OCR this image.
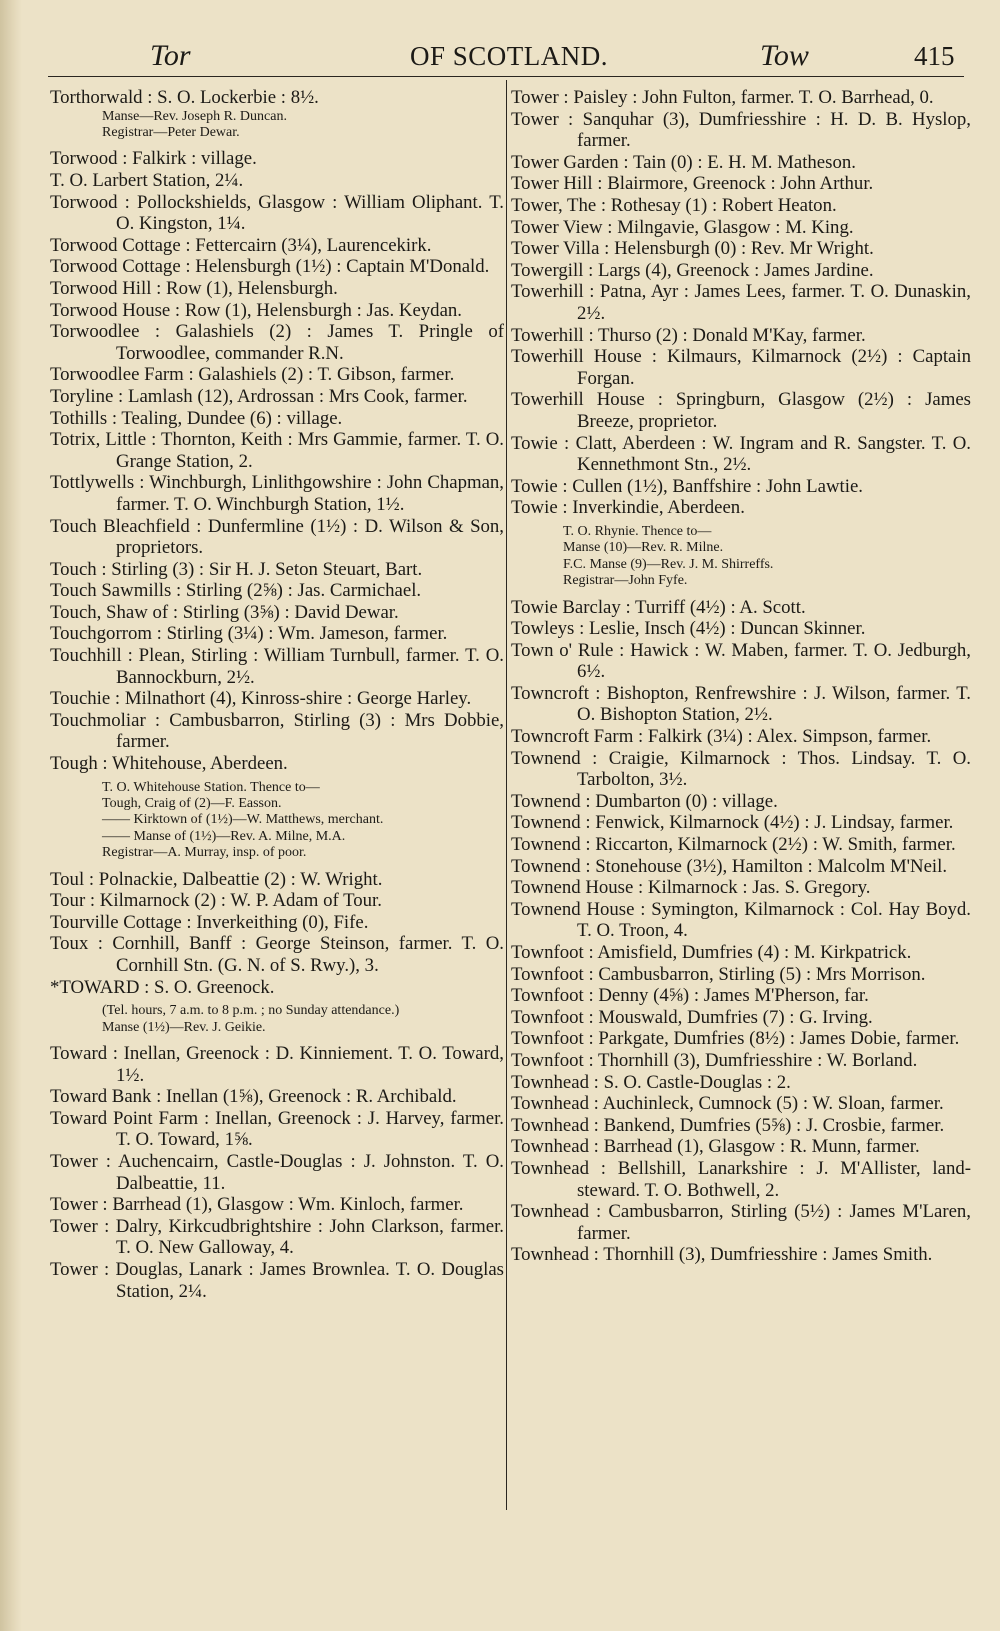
Tor	OF SCOTLAND.	Tow	415
Torthorwald : S. O. Lockerbie : 8½.
Manse—Rev. Joseph R. Duncan.
Registrar—Peter Dewar.
Torwood : Falkirk : village.
T. O. Larbert Station, 2¼.
Torwood : Pollockshields, Glasgow : William Oliphant. T. O. Kingston, 1¼.
Torwood Cottage : Fettercairn (3¼), Laurencekirk.
Torwood Cottage : Helensburgh (1½) : Captain M'Donald.
Torwood Hill : Row (1), Helensburgh.
Torwood House : Row (1), Helensburgh : Jas. Keydan.
Torwoodlee : Galashiels (2) : James T. Pringle of Torwoodlee, commander R.N.
Torwoodlee Farm : Galashiels (2) : T. Gibson, farmer.
Toryline : Lamlash (12), Ardrossan : Mrs Cook, farmer.
Tothills : Tealing, Dundee (6) : village.
Totrix, Little : Thornton, Keith : Mrs Gammie, farmer. T. O. Grange Station, 2.
Tottlywells : Winchburgh, Linlithgowshire : John Chapman, farmer. T. O. Winchburgh Station, 1½.
Touch Bleachfield : Dunfermline (1½) : D. Wilson & Son, proprietors.
Touch : Stirling (3) : Sir H. J. Seton Steuart, Bart.
Touch Sawmills : Stirling (2⅝) : Jas. Carmichael.
Touch, Shaw of : Stirling (3⅝) : David Dewar.
Touchgorrom : Stirling (3¼) : Wm. Jameson, farmer.
Touchhill : Plean, Stirling : William Turnbull, farmer. T. O. Bannockburn, 2½.
Touchie : Milnathort (4), Kinross-shire : George Harley.
Touchmoliar : Cambusbarron, Stirling (3) : Mrs Dobbie, farmer.
Tough : Whitehouse, Aberdeen.
T. O. Whitehouse Station. Thence to—
Tough, Craig of (2)—F. Easson.
—— Kirktown of (1½)—W. Matthews, merchant.
—— Manse of (1½)—Rev. A. Milne, M.A.
Registrar—A. Murray, insp. of poor.
Toul : Polnackie, Dalbeattie (2) : W. Wright.
Tour : Kilmarnock (2) : W. P. Adam of Tour.
Tourville Cottage : Inverkeithing (0), Fife.
Toux : Cornhill, Banff : George Steinson, farmer. T. O. Cornhill Stn. (G. N. of S. Rwy.), 3.
*TOWARD : S. O. Greenock.
(Tel. hours, 7 a.m. to 8 p.m. ; no Sunday attendance.)
Manse (1½)—Rev. J. Geikie.
Toward : Inellan, Greenock : D. Kinniement. T. O. Toward, 1½.
Toward Bank : Inellan (1⅝), Greenock : R. Archibald.
Toward Point Farm : Inellan, Greenock : J. Harvey, farmer. T. O. Toward, 1⅝.
Tower : Auchencairn, Castle-Douglas : J. Johnston. T. O. Dalbeattie, 11.
Tower : Barrhead (1), Glasgow : Wm. Kinloch, farmer.
Tower : Dalry, Kirkcudbrightshire : John Clarkson, farmer. T. O. New Galloway, 4.
Tower : Douglas, Lanark : James Brownlea. T. O. Douglas Station, 2¼.
Tower : Paisley : John Fulton, farmer. T. O. Barrhead, 0.
Tower : Sanquhar (3), Dumfriesshire : H. D. B. Hyslop, farmer.
Tower Garden : Tain (0) : E. H. M. Matheson.
Tower Hill : Blairmore, Greenock : John Arthur.
Tower, The : Rothesay (1) : Robert Heaton.
Tower View : Milngavie, Glasgow : M. King.
Tower Villa : Helensburgh (0) : Rev. Mr Wright.
Towergill : Largs (4), Greenock : James Jardine.
Towerhill : Patna, Ayr : James Lees, farmer. T. O. Dunaskin, 2½.
Towerhill : Thurso (2) : Donald M'Kay, farmer.
Towerhill House : Kilmaurs, Kilmarnock (2½) : Captain Forgan.
Towerhill House : Springburn, Glasgow (2½) : James Breeze, proprietor.
Towie : Clatt, Aberdeen : W. Ingram and R. Sangster. T. O. Kennethmont Stn., 2½.
Towie : Cullen (1½), Banffshire : John Lawtie.
Towie : Inverkindie, Aberdeen.
T. O. Rhynie. Thence to—
Manse (10)—Rev. R. Milne.
F.C. Manse (9)—Rev. J. M. Shirreffs.
Registrar—John Fyfe.
Towie Barclay : Turriff (4½) : A. Scott.
Towleys : Leslie, Insch (4½) : Duncan Skinner.
Town o' Rule : Hawick : W. Maben, farmer. T. O. Jedburgh, 6½.
Towncroft : Bishopton, Renfrewshire : J. Wilson, farmer. T. O. Bishopton Station, 2½.
Towncroft Farm : Falkirk (3¼) : Alex. Simpson, farmer.
Townend : Craigie, Kilmarnock : Thos. Lindsay. T. O. Tarbolton, 3½.
Townend : Dumbarton (0) : village.
Townend : Fenwick, Kilmarnock (4½) : J. Lindsay, farmer.
Townend : Riccarton, Kilmarnock (2½) : W. Smith, farmer.
Townend : Stonehouse (3½), Hamilton : Malcolm M'Neil.
Townend House : Kilmarnock : Jas. S. Gregory.
Townend House : Symington, Kilmarnock : Col. Hay Boyd. T. O. Troon, 4.
Townfoot : Amisfield, Dumfries (4) : M. Kirkpatrick.
Townfoot : Cambusbarron, Stirling (5) : Mrs Morrison.
Townfoot : Denny (4⅝) : James M'Pherson, far.
Townfoot : Mouswald, Dumfries (7) : G. Irving.
Townfoot : Parkgate, Dumfries (8½) : James Dobie, farmer.
Townfoot : Thornhill (3), Dumfriesshire : W. Borland.
Townhead : S. O. Castle-Douglas : 2.
Townhead : Auchinleck, Cumnock (5) : W. Sloan, farmer.
Townhead : Bankend, Dumfries (5⅝) : J. Crosbie, farmer.
Townhead : Barrhead (1), Glasgow : R. Munn, farmer.
Townhead : Bellshill, Lanarkshire : J. M'Allister, land-steward. T. O. Bothwell, 2.
Townhead : Cambusbarron, Stirling (5½) : James M'Laren, farmer.
Townhead : Thornhill (3), Dumfriesshire : James Smith.
